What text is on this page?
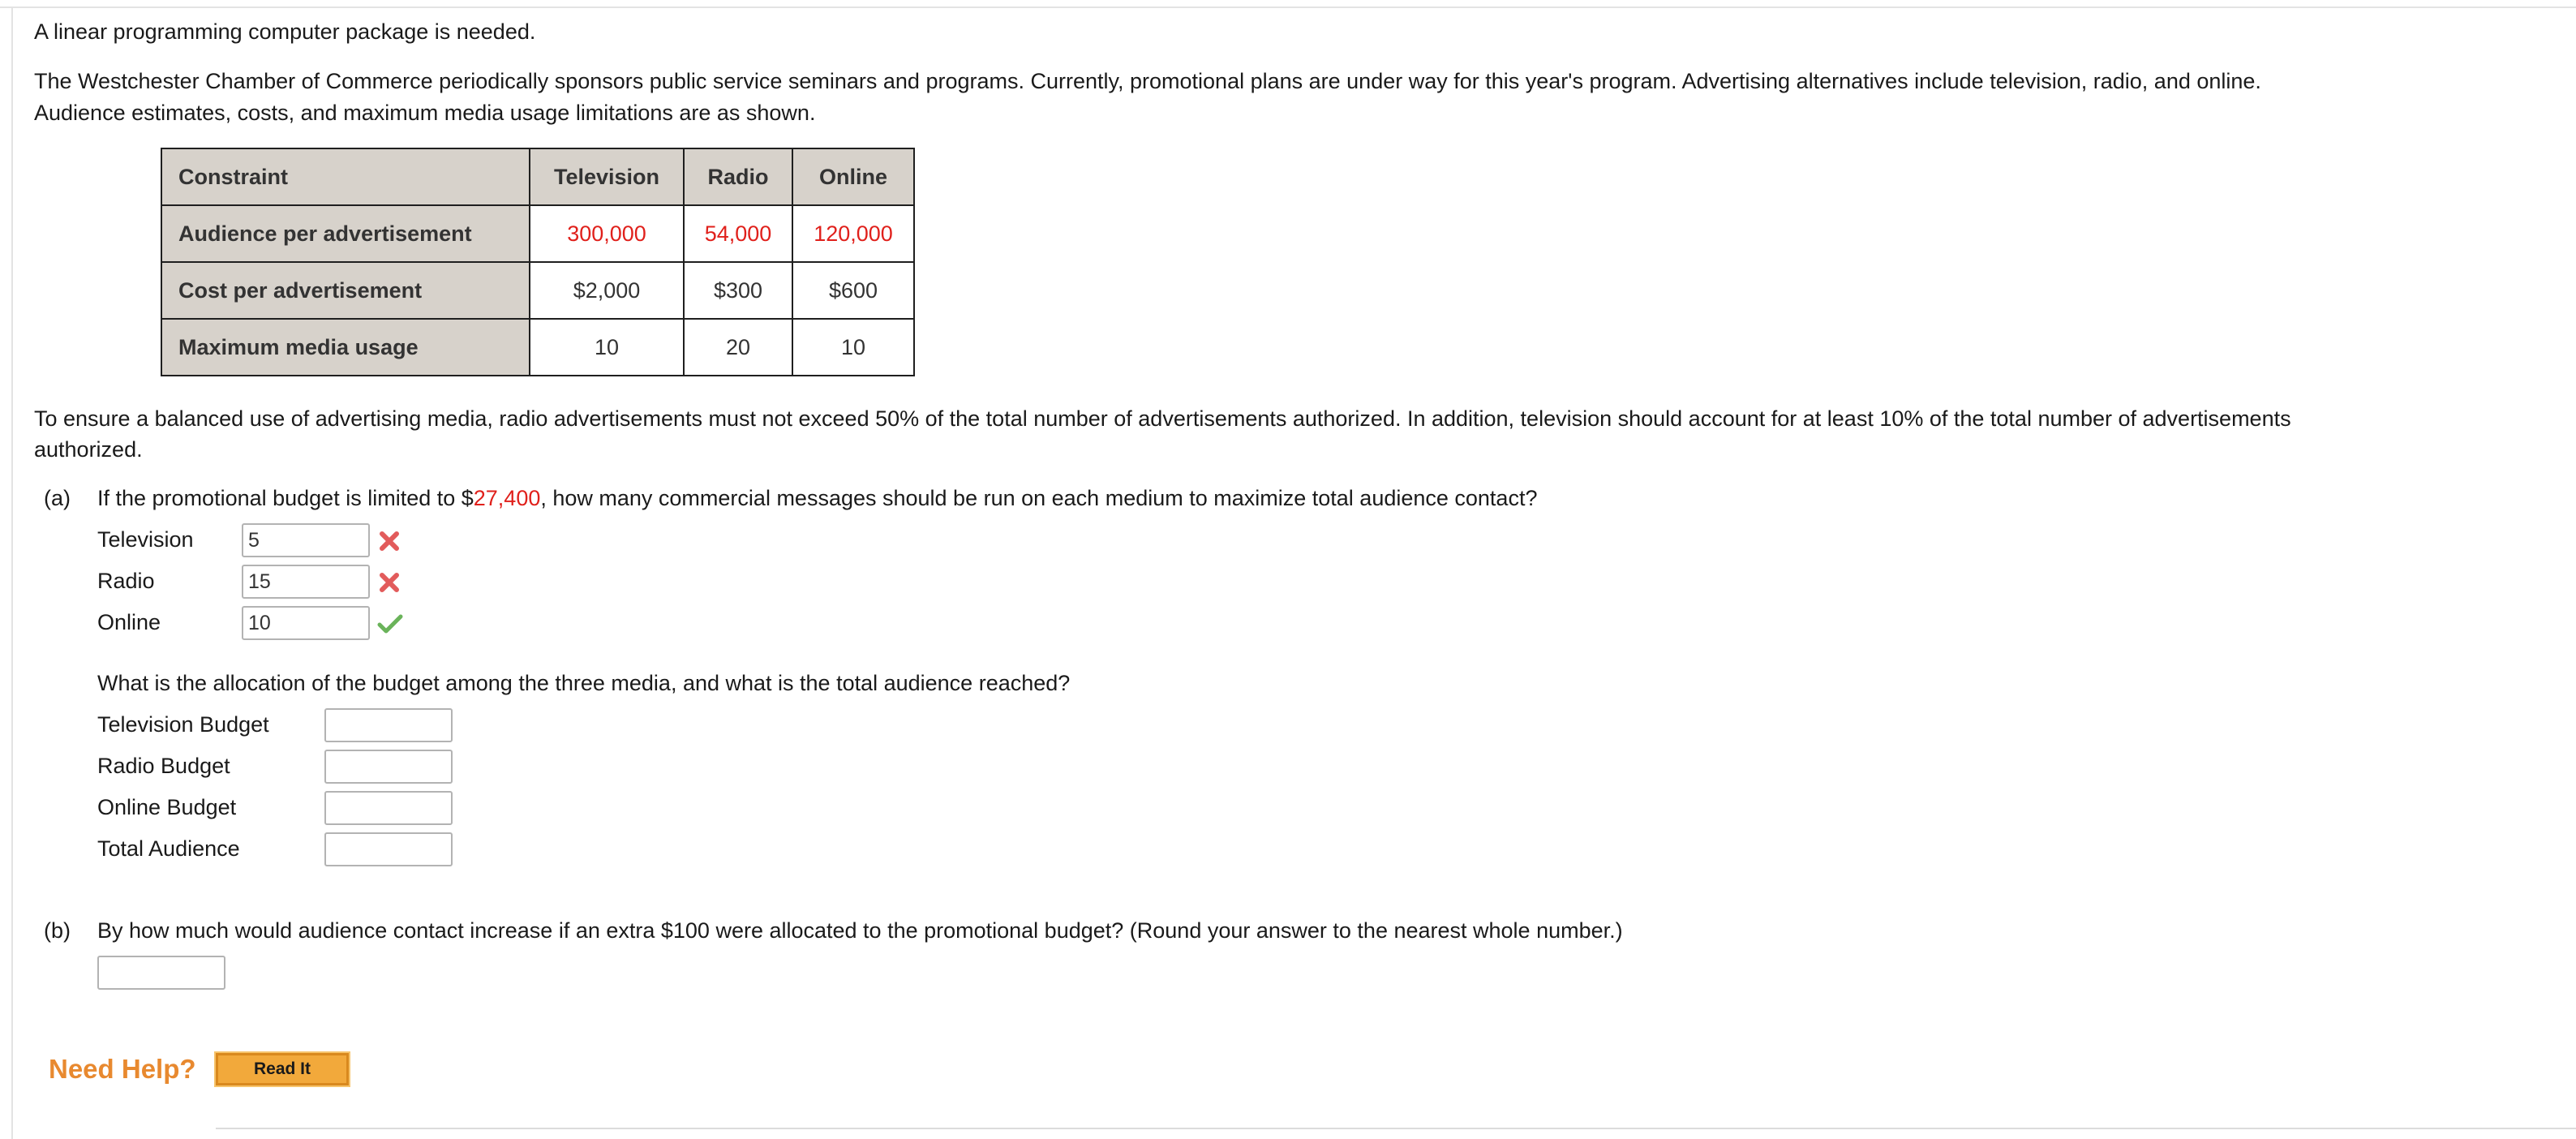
A linear programming computer package is needed.
The Westchester Chamber of Commerce periodically sponsors public service seminars and programs. Currently, promotional plans are under way for this year's program. Advertising alternatives include television, radio, and online.
Audience estimates, costs, and maximum media usage limitations are as shown.
Constraint	Television	Radio	Online
Audience per advertisement	300,000	54,000	120,000
Cost per advertisement	$2,000	$300	$600
Maximum media usage	10	20	10
To ensure a balanced use of advertising media, radio advertisements must not exceed 50% of the total number of advertisements authorized. In addition, television should account for at least 10% of the total number of advertisements
authorized.
(a) If the promotional budget is limited to $27,400, how many commercial messages should be run on each medium to maximize total audience contact?
Television
5
Radio
15
Online
10
What is the allocation of the budget among the three media, and what is the total audience reached?
Television Budget
Radio Budget
Online Budget
Total Audience
(b) By how much would audience contact increase if an extra $100 were allocated to the promotional budget? (Round your answer to the nearest whole number.)
Need Help?	Read It
